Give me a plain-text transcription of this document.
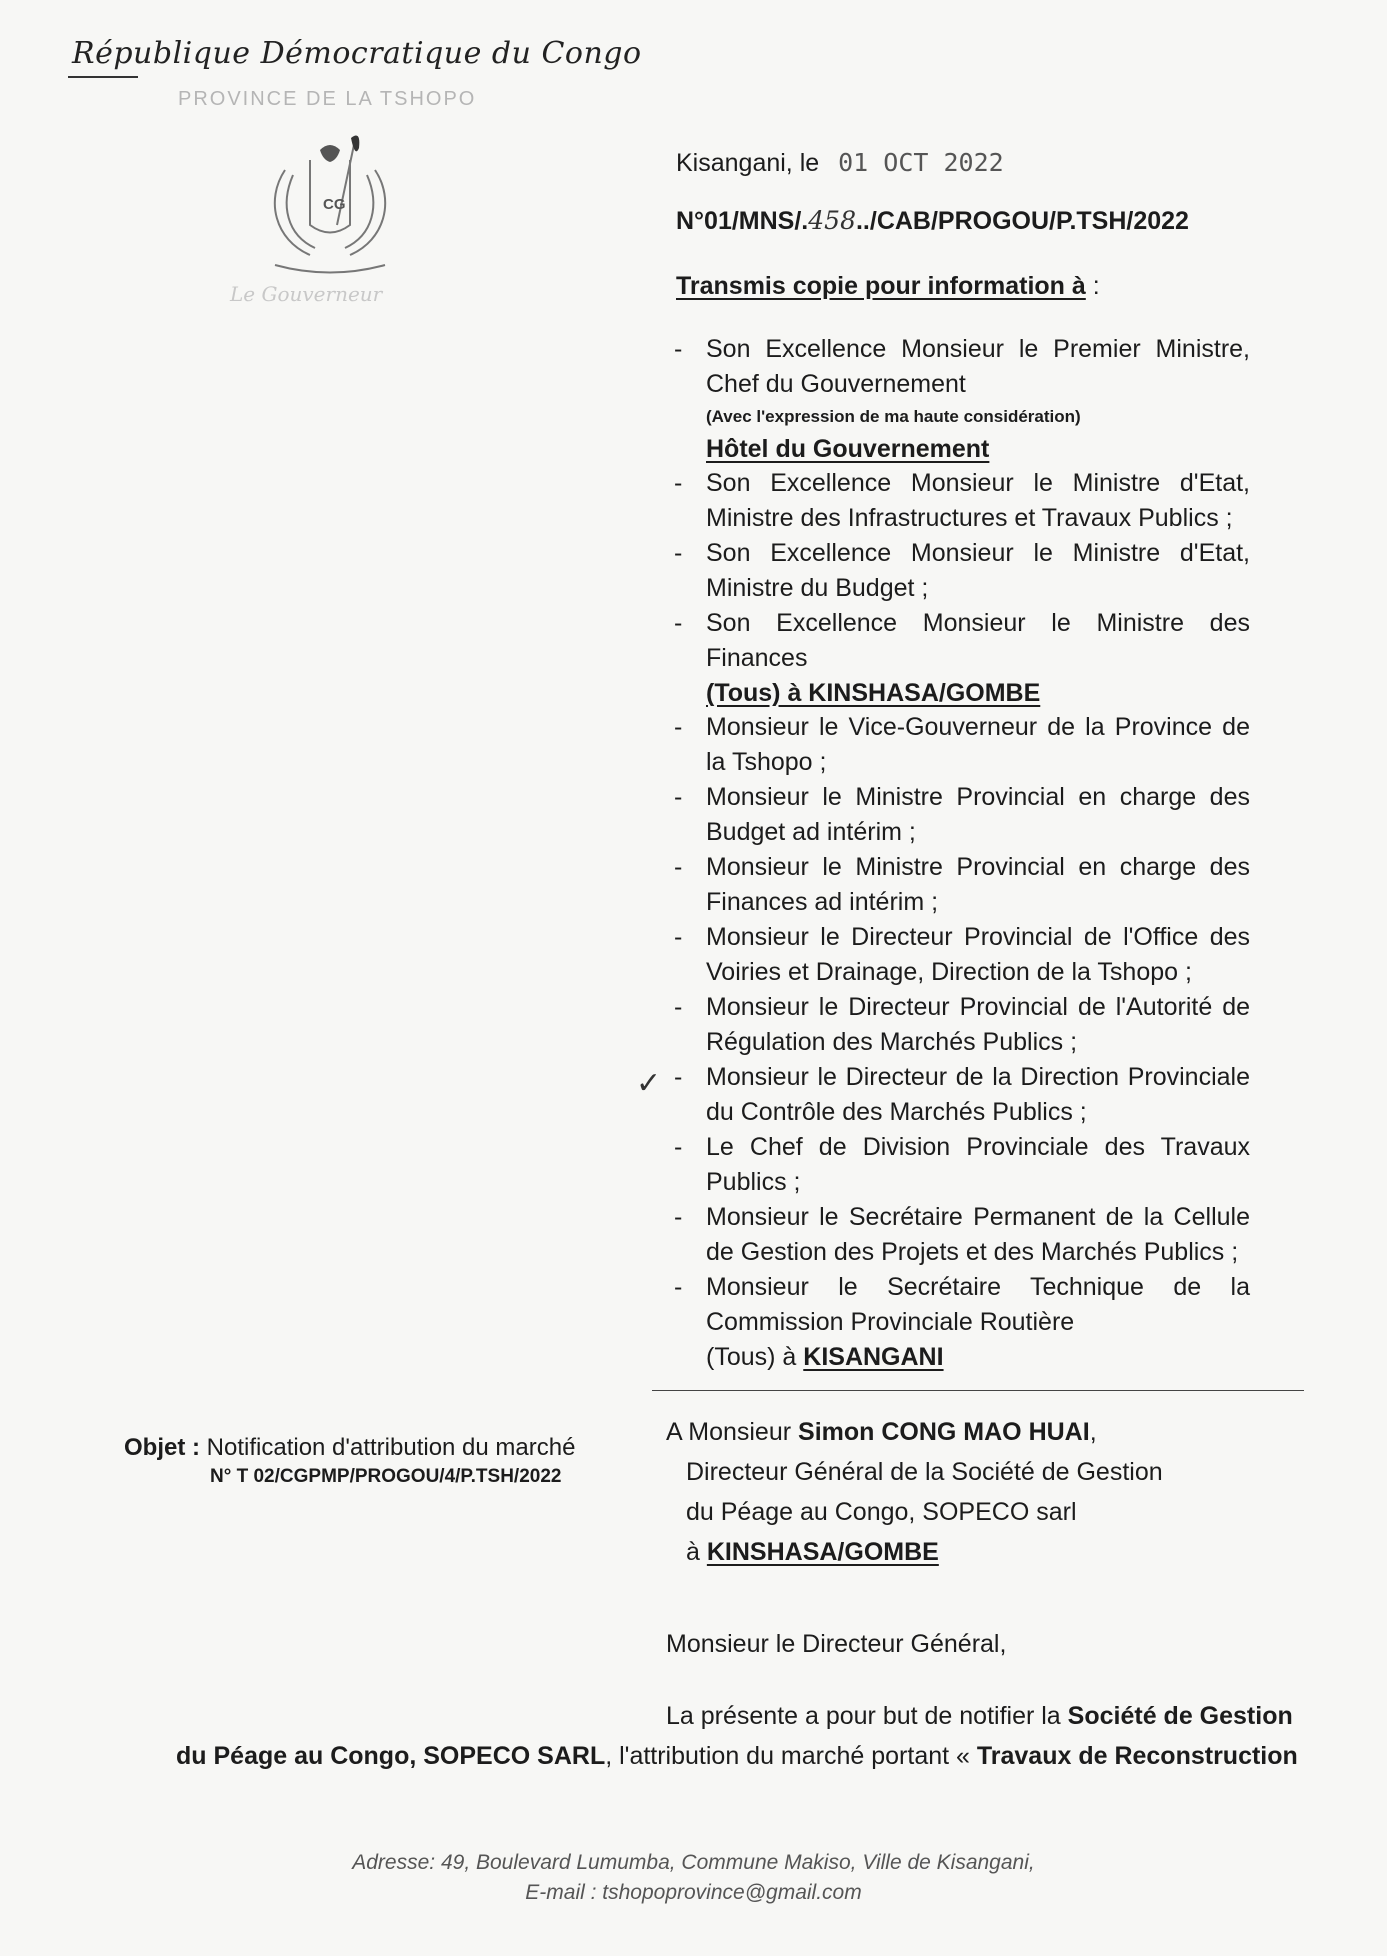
République Démocratique du Congo
PROVINCE DE LA TSHOPO
CG
Le Gouverneur
Kisangani, le 01 OCT 2022
N°01/MNS/.458../CAB/PROGOU/P.TSH/2022
Transmis copie pour information à :
- Son Excellence Monsieur le Premier Ministre, Chef du Gouvernement
(Avec l'expression de ma haute considération)
Hôtel du Gouvernement
- Son Excellence Monsieur le Ministre d'Etat, Ministre des Infrastructures et Travaux Publics ;
- Son Excellence Monsieur le Ministre d'Etat, Ministre du Budget ;
- Son Excellence Monsieur le Ministre des Finances
(Tous) à KINSHASA/GOMBE
- Monsieur le Vice-Gouverneur de la Province de la Tshopo ;
- Monsieur le Ministre Provincial en charge des Budget ad intérim ;
- Monsieur le Ministre Provincial en charge des Finances ad intérim ;
- Monsieur le Directeur Provincial de l'Office des Voiries et Drainage, Direction de la Tshopo ;
- Monsieur le Directeur Provincial de l'Autorité de Régulation des Marchés Publics ;
- Monsieur le Directeur de la Direction Provinciale du Contrôle des Marchés Publics ;
- Le Chef de Division Provinciale des Travaux Publics ;
- Monsieur le Secrétaire Permanent de la Cellule de Gestion des Projets et des Marchés Publics ;
- Monsieur le Secrétaire Technique de la Commission Provinciale Routière
(Tous) à KISANGANI
✓
Objet : Notification d'attribution du marché
N° T 02/CGPMP/PROGOU/4/P.TSH/2022
A Monsieur Simon CONG MAO HUAI,
Directeur Général de la Société de Gestion
du Péage au Congo, SOPECO sarl
à KINSHASA/GOMBE
Monsieur le Directeur Général,
La présente a pour but de notifier la Société de Gestion
du Péage au Congo, SOPECO SARL, l'attribution du marché portant « Travaux de Reconstruction
Adresse: 49, Boulevard Lumumba, Commune Makiso, Ville de Kisangani,
E-mail : tshopoprovince@gmail.com
